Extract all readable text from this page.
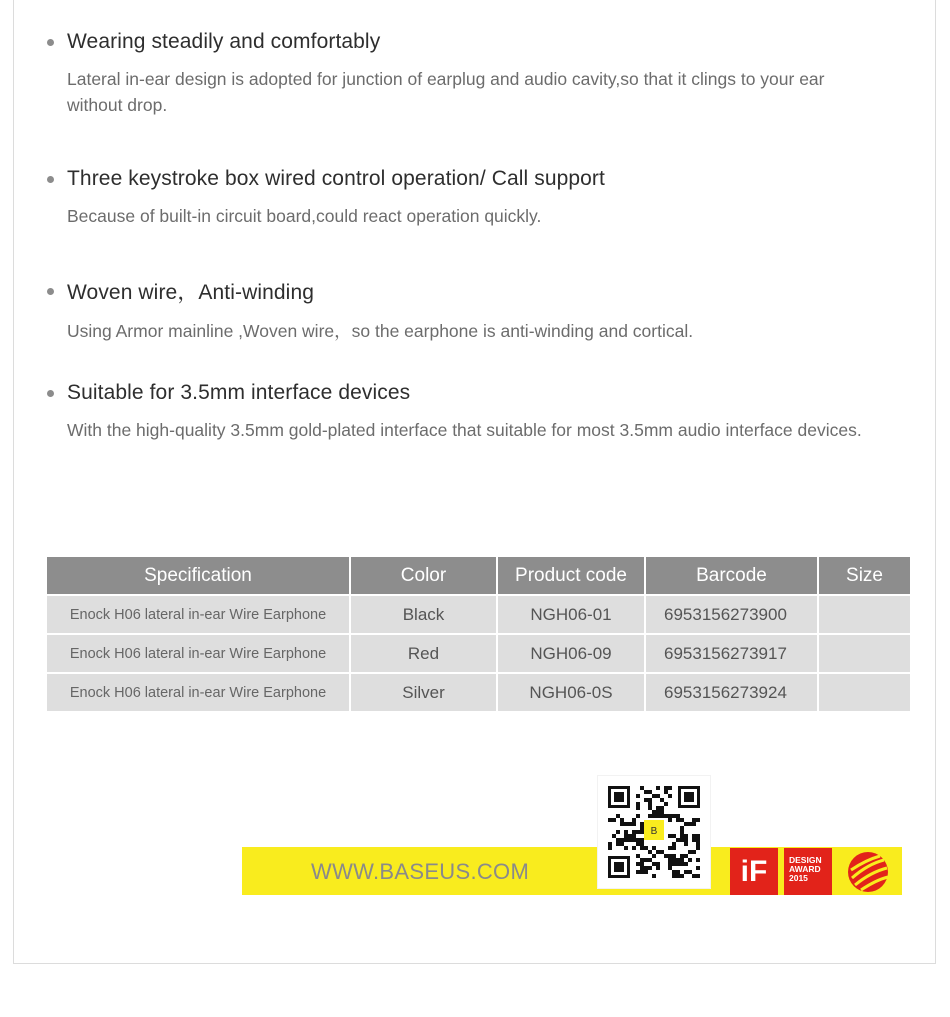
Wearing steadily and comfortably
Lateral in-ear design is adopted for junction of earplug and audio cavity,so that it clings to your ear without drop.
Three keystroke box wired control operation/ Call support
Because of built-in circuit board,could react operation quickly.
Woven wire，Anti-winding
Using Armor mainline ,Woven wire，so the earphone is anti-winding and cortical.
Suitable for 3.5mm interface devices
With the high-quality 3.5mm gold-plated interface that suitable for most 3.5mm audio interface devices.
Specification	Color	Product code	Barcode	Size
Enock H06 lateral in-ear Wire Earphone	Black	NGH06-01	6953156273900	
Enock H06 lateral in-ear Wire Earphone	Red	NGH06-09	6953156273917	
Enock H06 lateral in-ear Wire Earphone	Silver	NGH06-0S	6953156273924	
WWW.BASEUS.COM
B
iF	DESIGN
AWARD
2015
